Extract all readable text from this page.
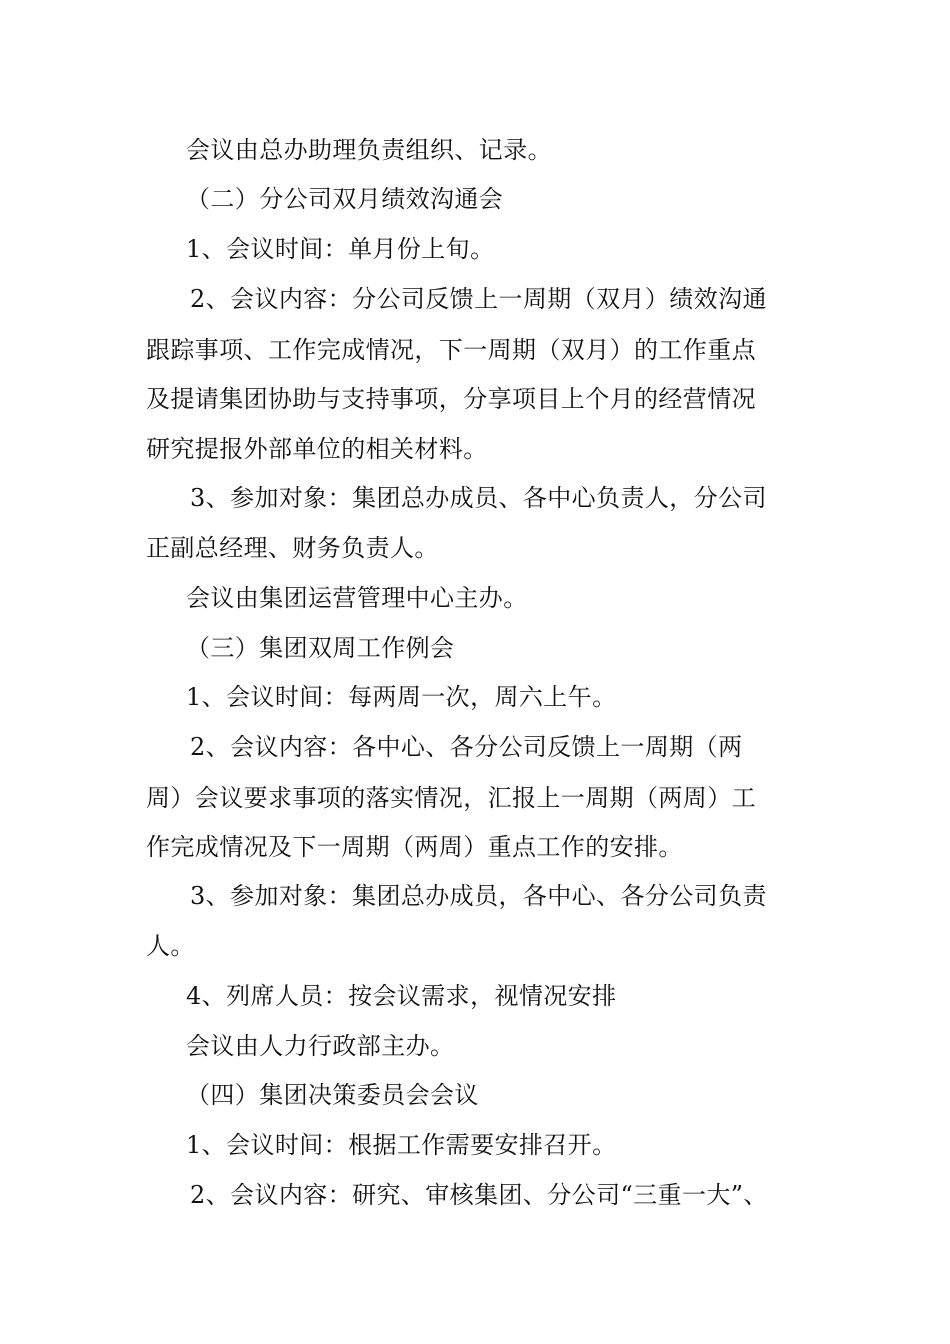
会议由总办助理负责组织、记录。

（二）分公司双月绩效沟通会

1、会议时间：单月份上旬。

2、会议内容：分公司反馈上一周期（双月）绩效沟通

跟踪事项、工作完成情况，下一周期（双月）的工作重点

及提请集团协助与支持事项，分享项目上个月的经营情况

研究提报外部单位的相关材料。

3、参加对象：集团总办成员、各中心负责人，分公司

正副总经理、财务负责人。

会议由集团运营管理中心主办。

（三）集团双周工作例会

1、会议时间：每两周一次，周六上午。

2、会议内容：各中心、各分公司反馈上一周期（两

周）会议要求事项的落实情况，汇报上一周期（两周）工

作完成情况及下一周期（两周）重点工作的安排。

3、参加对象：集团总办成员，各中心、各分公司负责

人。

4、列席人员：按会议需求，视情况安排

会议由人力行政部主办。

（四）集团决策委员会会议

1、会议时间：根据工作需要安排召开。

2、会议内容：研究、审核集团、分公司“三重一大”、
